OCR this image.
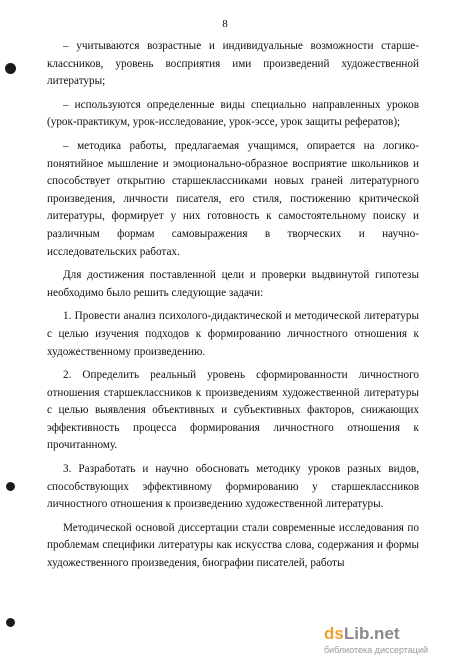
8

– учитываются возрастные и индивидуальные возможности старше-классников, уровень восприятия ими произведений художественной литературы;

– используются определенные виды специально направленных уроков (урок-практикум, урок-исследование, урок-эссе, урок защиты рефератов);

– методика работы, предлагаемая учащимся, опирается на логико-понятийное мышление и эмоционально-образное восприятие школьников и способствует открытию старшеклассниками новых граней литературного произведения, личности писателя, его стиля, постижению критической литературы, формирует у них готовность к самостоятельному поиску и различным формам самовыражения в творческих и научно-исследовательских работах.

Для достижения поставленной цели и проверки выдвинутой гипотезы необходимо было решить следующие задачи:

1. Провести анализ психолого-дидактической и методической литературы с целью изучения подходов к формированию личностного отношения к художественному произведению.

2. Определить реальный уровень сформированности личностного отношения старшеклассников к произведениям художественной литературы с целью выявления объективных и субъективных факторов, снижающих эффективность процесса формирования личностного отношения к прочитанному.

3. Разработать и научно обосновать методику уроков разных видов, способствующих эффективному формированию у старшеклассников личностного отношения к произведению художественной литературы.

Методической основой диссертации стали современные исследования по проблемам специфики литературы как искусства слова, содержания и формы художественного произведения, биографии писателей, работы

dsLib.net
библиотека диссертаций
